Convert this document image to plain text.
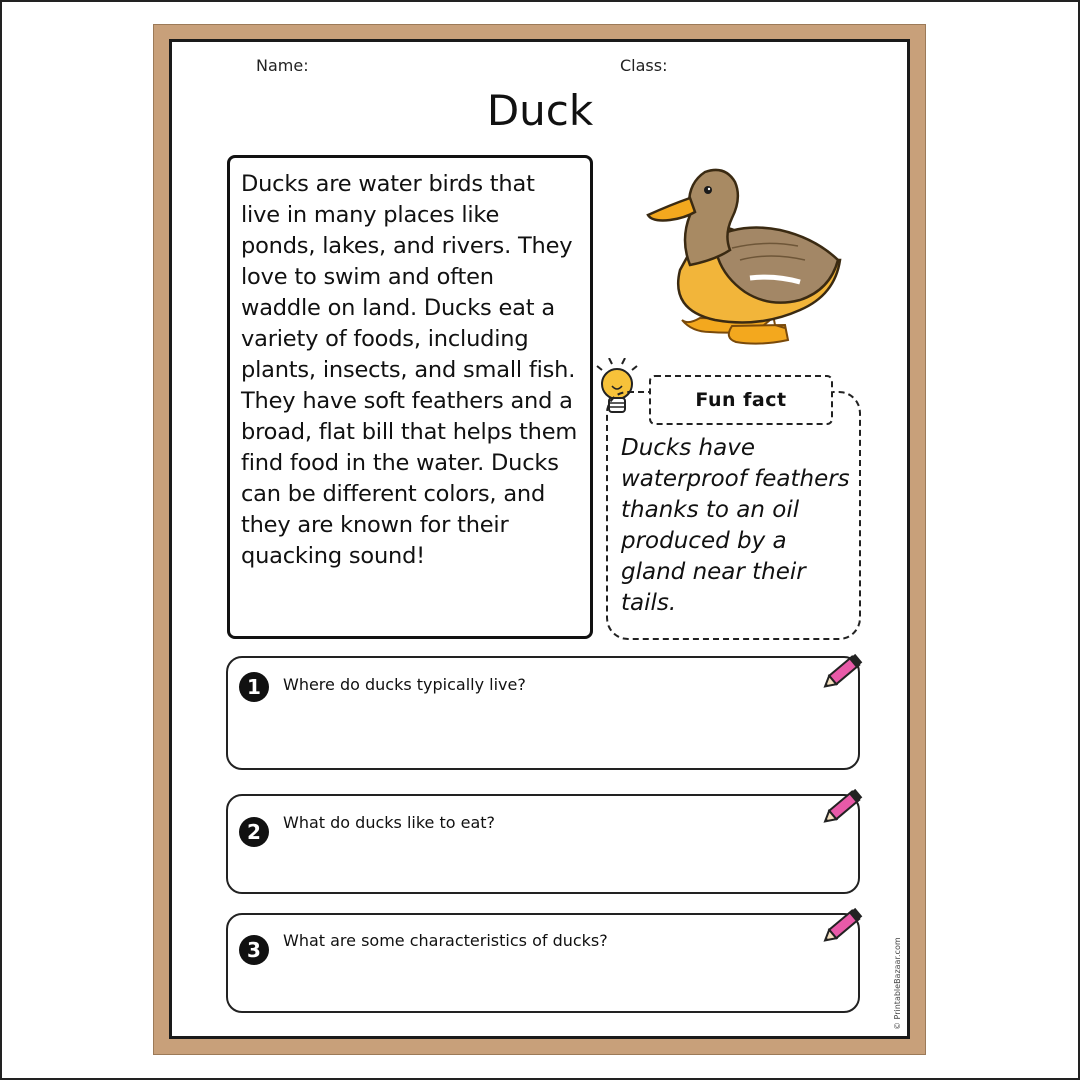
Name:	Class:
Duck

Ducks are water birds that live in many places like ponds, lakes, and rivers. They love to swim and often waddle on land. Ducks eat a variety of foods, including plants, insects, and small fish. They have soft feathers and a broad, flat bill that helps them find food in the water. Ducks can be different colors, and they are known for their quacking sound!

Fun fact
Ducks have waterproof feathers thanks to an oil produced by a gland near their tails.
1 Where do ducks typically live?
2 What do ducks like to eat?
3 What are some characteristics of ducks?	© PrintableBazaar.com
